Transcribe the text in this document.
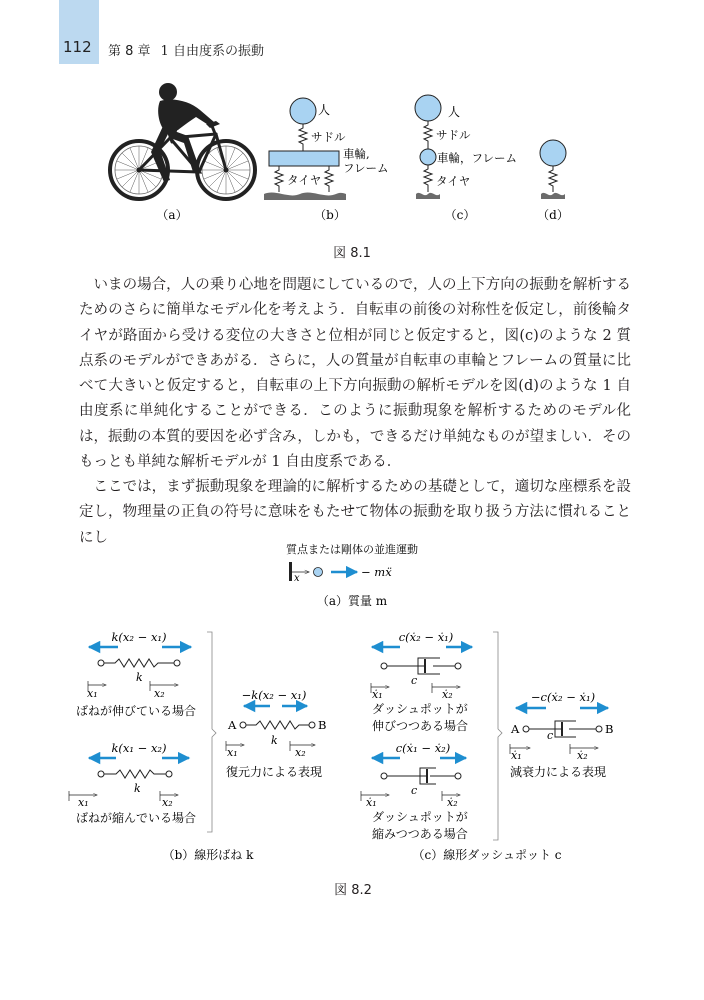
112 第 8 章 1 自由度系の振動
人
サドル
車輪,
フレーム
タイヤ
人
サドル
車輪，フレーム
タイヤ
（a）	（b）	（c）	（d）
図 8.1

いまの場合，人の乗り心地を問題にしているので，人の上下方向の振動を解析するためのさらに簡単なモデル化を考えよう．自転車の前後の対称性を仮定し，前後輪タイヤが路面から受ける変位の大きさと位相が同じと仮定すると，図(c)のような 2 質点系のモデルができあがる．さらに，人の質量が自転車の車輪とフレームの質量に比べて大きいと仮定すると，自転車の上下方向振動の解析モデルを図(d)のような 1 自由度系に単純化することができる．このように振動現象を解析するためのモデル化は，振動の本質的要因を必ず含み，しかも，できるだけ単純なものが望ましい．そのもっとも単純な解析モデルが 1 自由度系である．

ここでは，まず振動現象を理論的に解析するための基礎として，適切な座標系を設定し，物理量の正負の符号に意味をもたせて物体の振動を取り扱う方法に慣れることにし

質点または剛体の並進運動
x	− mẍ
（a）質量 m
k(x₂ − x₁)
k
x₁	x₂
ばねが伸びている場合
k(x₁ − x₂)
k
x₁	x₂
ばねが縮んでいる場合
−k(x₂ − x₁)
A	B
k
x₁	x₂
復元力による表現
（b）線形ばね k
c(ẋ₂ − ẋ₁)
c
ẋ₁	ẋ₂
ダッシュポットが
伸びつつある場合
c(ẋ₁ − ẋ₂)
c
ẋ₁	ẋ₂
ダッシュポットが
縮みつつある場合
−c(ẋ₂ − ẋ₁)
A	B
c
ẋ₁	ẋ₂
減衰力による表現
（c）線形ダッシュポット c
図 8.2
